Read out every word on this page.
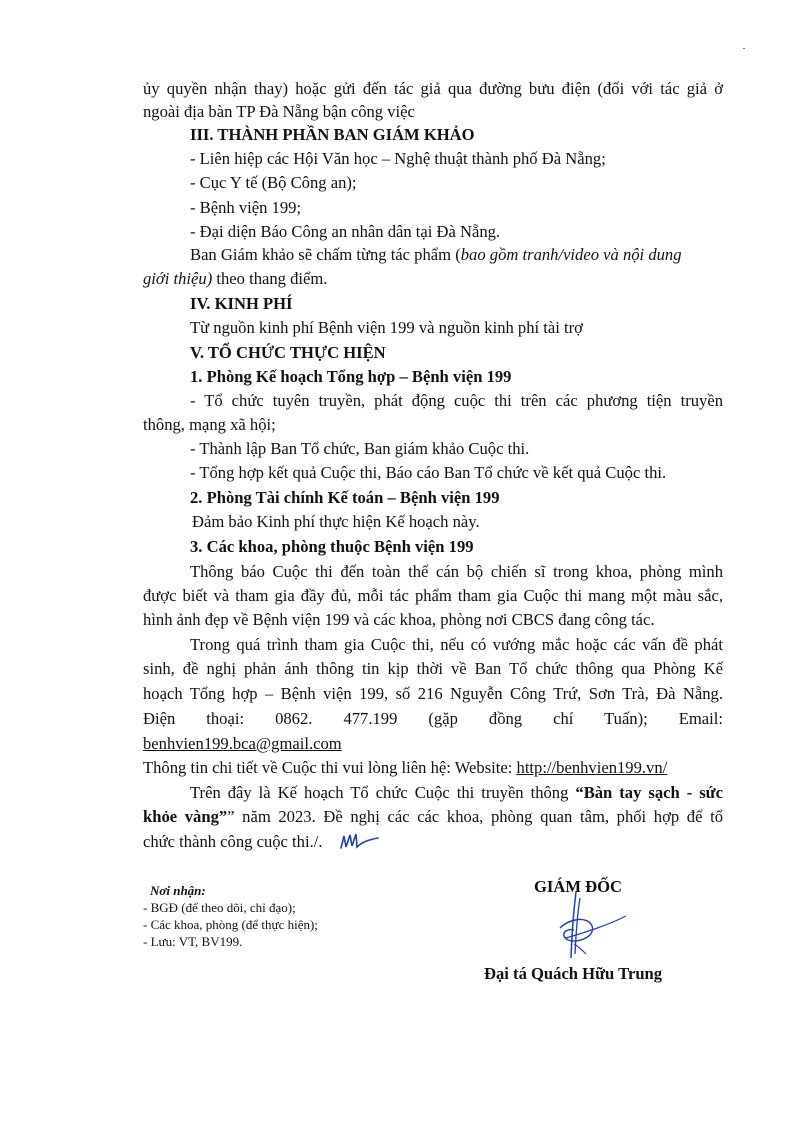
ủy quyền nhận thay) hoặc gửi đến tác giả qua đường bưu điện (đối với tác giả ở
ngoài địa bàn TP Đà Nẵng bận công việc
III. THÀNH PHẦN BAN GIÁM KHẢO
- Liên hiệp các Hội Văn học – Nghệ thuật thành phố Đà Nẵng;
- Cục Y tế (Bộ Công an);
- Bệnh viện 199;
- Đại diện Báo Công an nhân dân tại Đà Nẵng.
Ban Giám khảo sẽ chấm từng tác phẩm (bao gồm tranh/video và nội dung
giới thiệu) theo thang điểm.
IV. KINH PHÍ
Từ nguồn kinh phí Bệnh viện 199 và nguồn kinh phí tài trợ
V. TỔ CHỨC THỰC HIỆN
1. Phòng Kế hoạch Tổng hợp – Bệnh viện 199
- Tổ chức tuyên truyền, phát động cuộc thi trên các phương tiện truyền
thông, mạng xã hội;
- Thành lập Ban Tổ chức, Ban giám khảo Cuộc thi.
- Tổng hợp kết quả Cuộc thi, Báo cáo Ban Tổ chức về kết quả Cuộc thi.
2. Phòng Tài chính Kế toán – Bệnh viện 199
Đảm bảo Kinh phí thực hiện Kế hoạch này.
3. Các khoa, phòng thuộc Bệnh viện 199
Thông báo Cuộc thi đến toàn thể cán bộ chiến sĩ trong khoa, phòng mình
được biết và tham gia đầy đủ, mỗi tác phẩm tham gia Cuộc thi mang một màu sắc,
hình ảnh đẹp về Bệnh viện 199 và các khoa, phòng nơi CBCS đang công tác.
Trong quá trình tham gia Cuộc thi, nếu có vướng mắc hoặc các vấn đề phát
sinh, đề nghị phản ánh thông tin kịp thời về Ban Tổ chức thông qua Phòng Kế
hoạch Tổng hợp – Bệnh viện 199, số 216 Nguyễn Công Trứ, Sơn Trà, Đà Nẵng.
Điện thoại: 0862. 477.199 (gặp đồng chí Tuấn); Email:
benhvien199.bca@gmail.com
Thông tin chi tiết về Cuộc thi vui lòng liên hệ: Website: http://benhvien199.vn/
Trên đây là Kế hoạch Tổ chức Cuộc thi truyền thông “Bàn tay sạch - sức
khỏe vàng”” năm 2023. Đề nghị các các khoa, phòng quan tâm, phối hợp để tổ
chức thành công cuộc thi./.
Nơi nhận:
- BGĐ (để theo dõi, chỉ đạo);
- Các khoa, phòng (để thực hiện);
- Lưu: VT, BV199.
GIÁM ĐỐC
Đại tá Quách Hữu Trung
